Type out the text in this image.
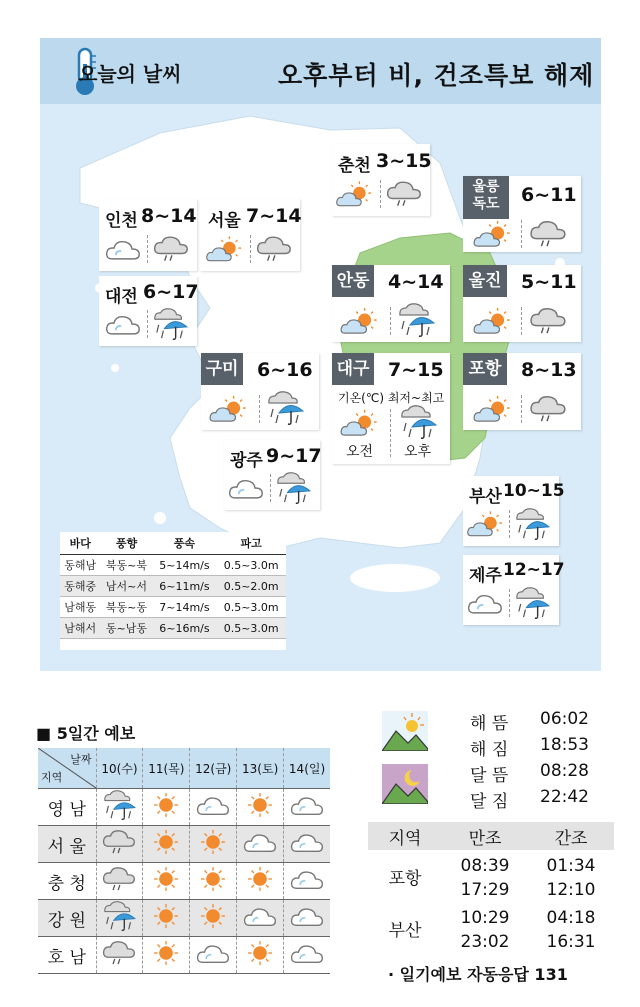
오늘의 날씨	오후부터 비, 건조특보 해제
인천 8~14 서울 7~14
춘천 3~15
울릉
독도	6~11
대전 6~17	안동 4~14	울진 5~11
구미 6~16 대구 7~15
기온(℃) 최저~최고
오전 오후
포항 8~13
광주 9~17
부산 10~15
제주 12~17
바다	풍향	풍속	파고
동해남	북동~북	5~14m/s	0.5~3.0m
동해중	남서~서	6~11m/s	0.5~2.0m
남해동	북동~동	7~14m/s	0.5~3.0m
남해서	동~남동	6~16m/s	0.5~3.0m
■ 5일간 예보
날짜
지역	10(수)	11(목)	12(금)	13(토)	14(일)
영 남					
서 울					
충 청					
강 원					
호 남					
해 뜸 06:02
해 짐 18:53
달 뜸 08:28
달 짐 22:42
지역	만조	간조
포항	08:39	01:34
	17:29	12:10
부산	10:29	04:18
	23:02	16:31
· 일기예보 자동응답 131
